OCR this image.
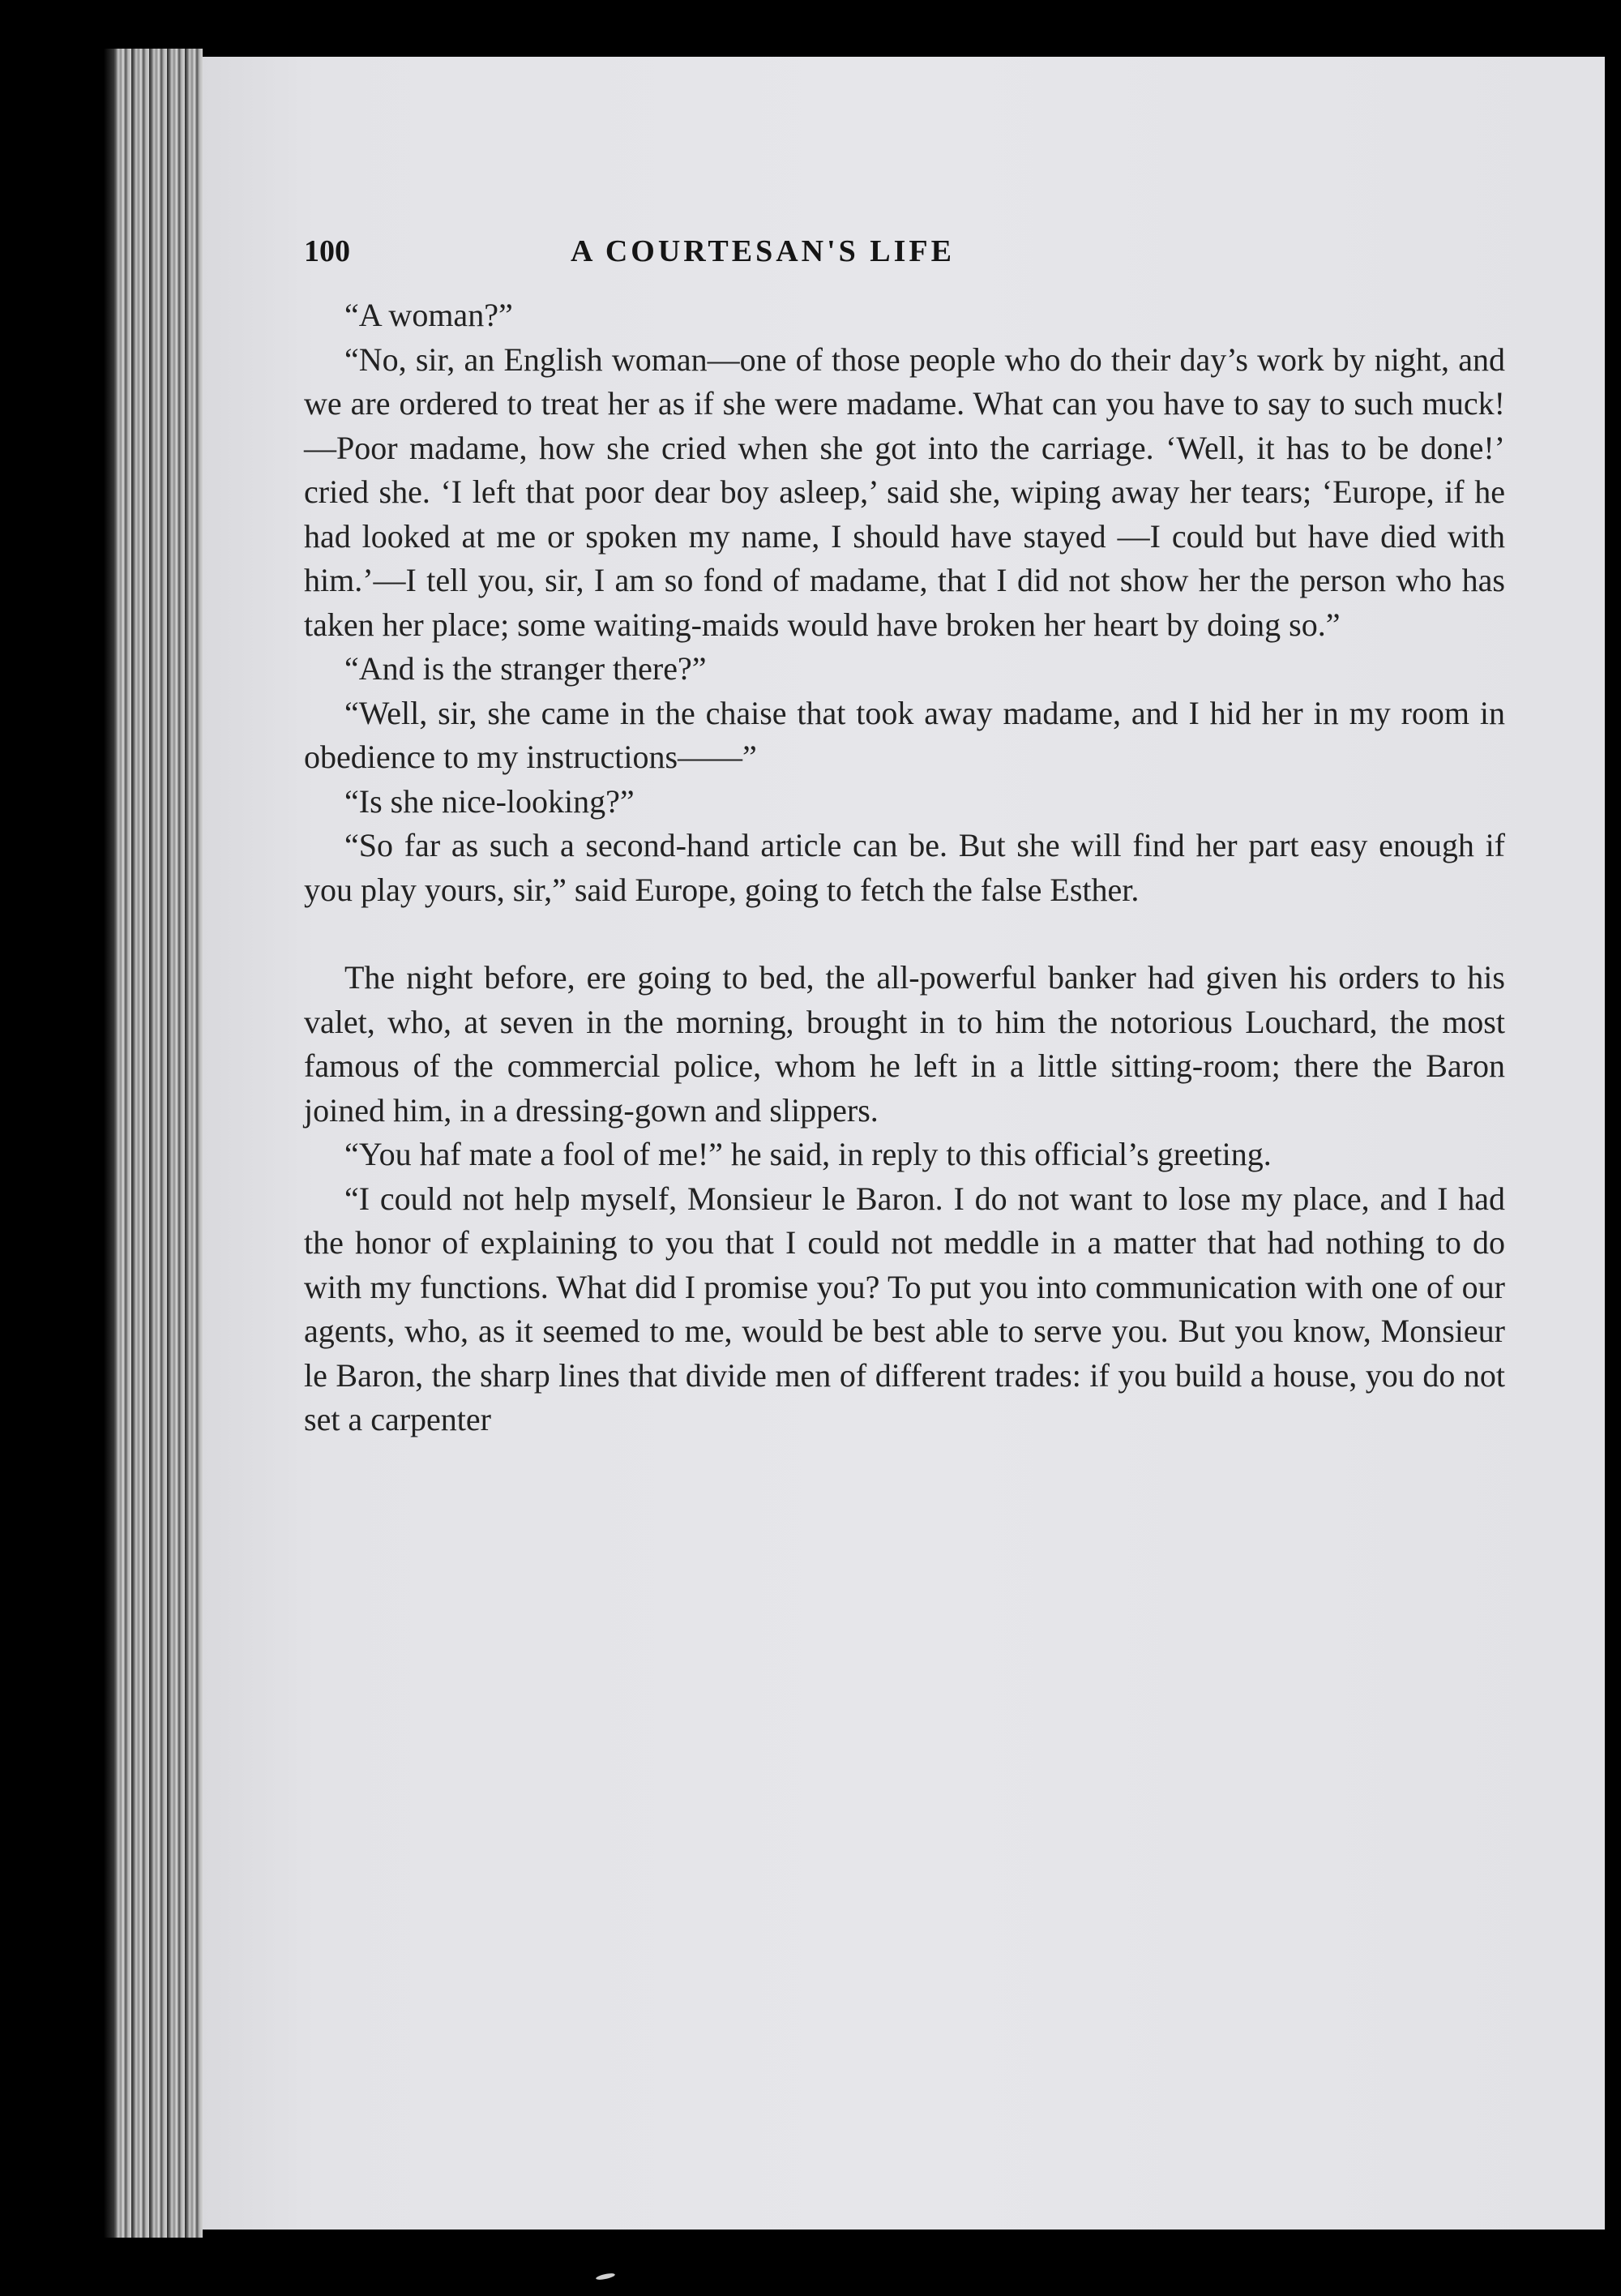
100	A COURTESAN'S LIFE

“A woman?”

“No, sir, an English woman—one of those people who do their day’s work by night, and we are ordered to treat her as if she were madame. What can you have to say to such muck! —Poor madame, how she cried when she got into the carriage. ‘Well, it has to be done!’ cried she. ‘I left that poor dear boy asleep,’ said she, wiping away her tears; ‘Europe, if he had looked at me or spoken my name, I should have stayed —I could but have died with him.’—I tell you, sir, I am so fond of madame, that I did not show her the person who has taken her place; some waiting-maids would have broken her heart by doing so.”

“And is the stranger there?”

“Well, sir, she came in the chaise that took away madame, and I hid her in my room in obedience to my instructions——”

“Is she nice-looking?”

“So far as such a second-hand article can be. But she will find her part easy enough if you play yours, sir,” said Europe, going to fetch the false Esther.

The night before, ere going to bed, the all-powerful banker had given his orders to his valet, who, at seven in the morning, brought in to him the notorious Louchard, the most famous of the commercial police, whom he left in a little sitting-room; there the Baron joined him, in a dressing-gown and slippers.

“You haf mate a fool of me!” he said, in reply to this official’s greeting.

“I could not help myself, Monsieur le Baron. I do not want to lose my place, and I had the honor of explaining to you that I could not meddle in a matter that had nothing to do with my functions. What did I promise you? To put you into communication with one of our agents, who, as it seemed to me, would be best able to serve you. But you know, Monsieur le Baron, the sharp lines that divide men of different trades: if you build a house, you do not set a carpenter
